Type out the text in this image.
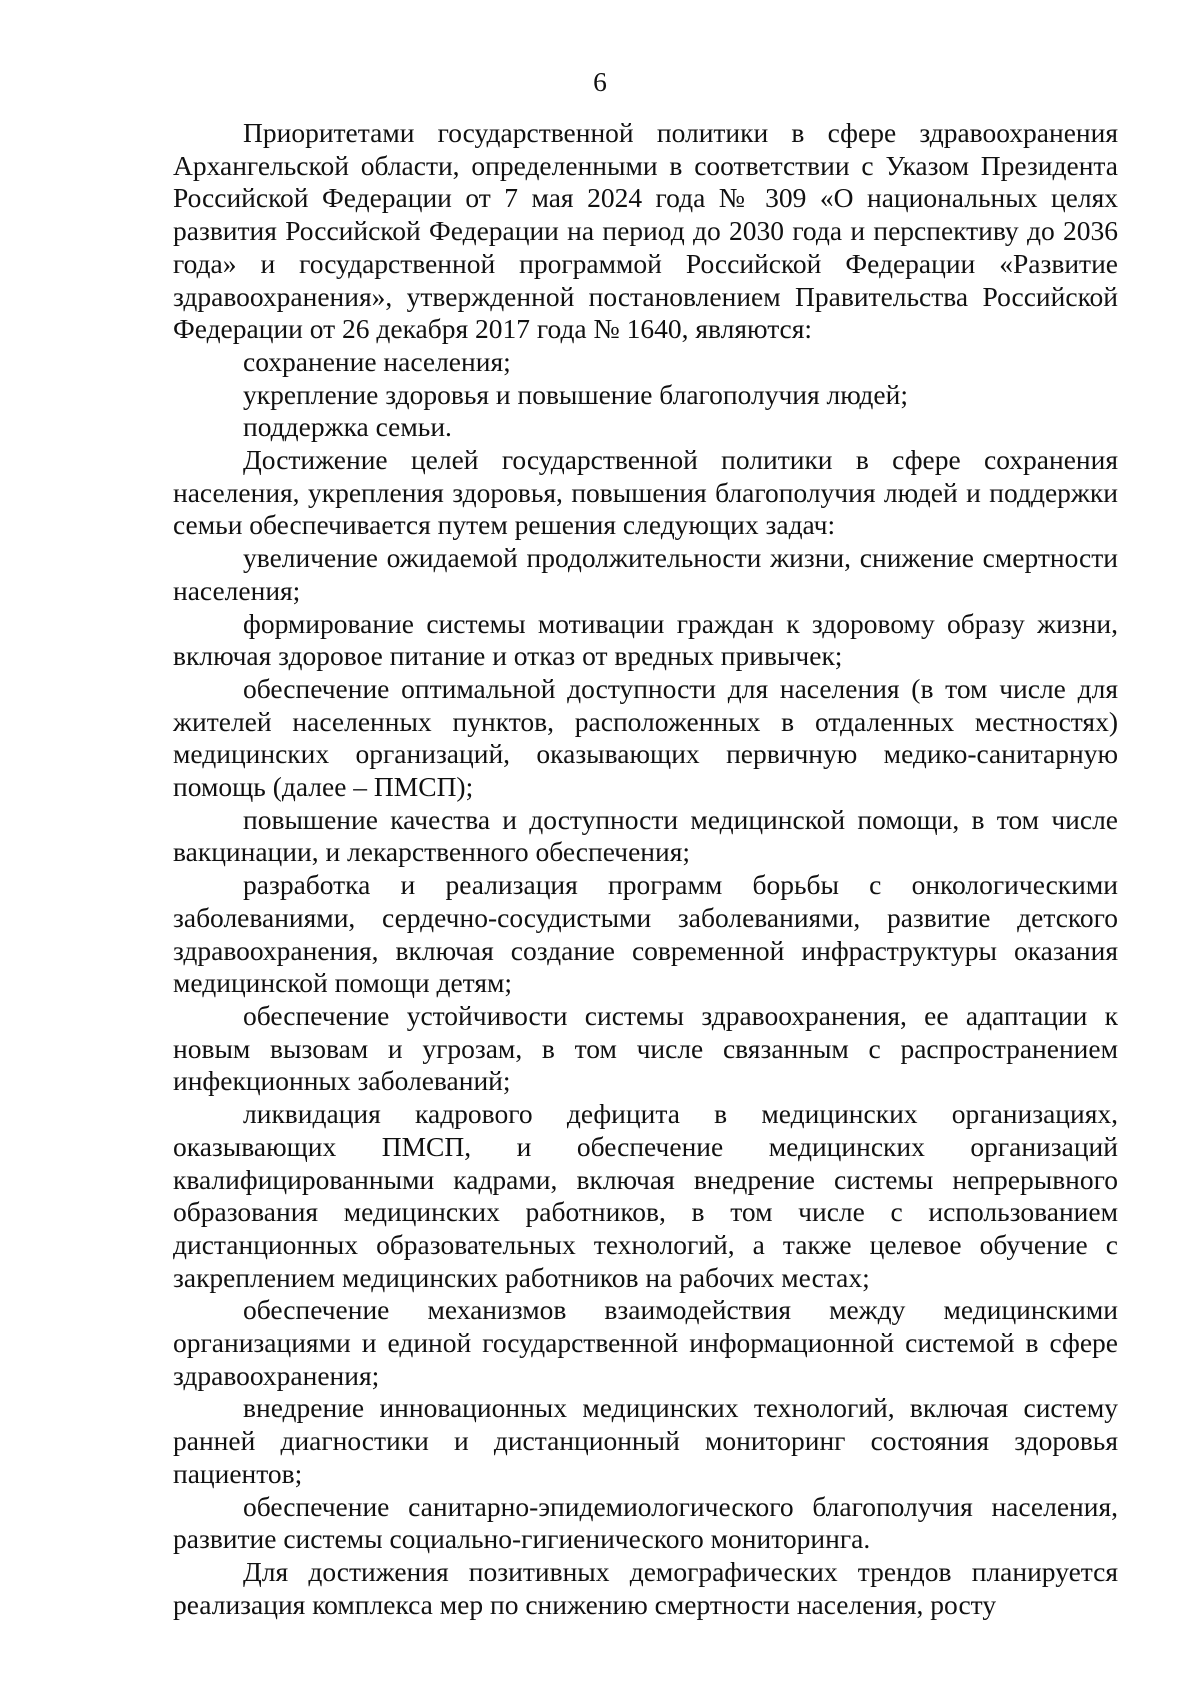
6

Приоритетами государственной политики в сфере здравоохранения Архангельской области, определенными в соответствии с Указом Президента Российской Федерации от 7 мая 2024 года № 309 «О национальных целях развития Российской Федерации на период до 2030 года и перспективу до 2036 года» и государственной программой Российской Федерации «Развитие здравоохранения», утвержденной постановлением Правительства Российской Федерации от 26 декабря 2017 года № 1640, являются:

сохранение населения;

укрепление здоровья и повышение благополучия людей;

поддержка семьи.

Достижение целей государственной политики в сфере сохранения населения, укрепления здоровья, повышения благополучия людей и поддержки семьи обеспечивается путем решения следующих задач:

увеличение ожидаемой продолжительности жизни, снижение смертности населения;

формирование системы мотивации граждан к здоровому образу жизни, включая здоровое питание и отказ от вредных привычек;

обеспечение оптимальной доступности для населения (в том числе для жителей населенных пунктов, расположенных в отдаленных местностях) медицинских организаций, оказывающих первичную медико-санитарную помощь (далее – ПМСП);

повышение качества и доступности медицинской помощи, в том числе вакцинации, и лекарственного обеспечения;

разработка и реализация программ борьбы с онкологическими заболеваниями, сердечно-сосудистыми заболеваниями, развитие детского здравоохранения, включая создание современной инфраструктуры оказания медицинской помощи детям;

обеспечение устойчивости системы здравоохранения, ее адаптации к новым вызовам и угрозам, в том числе связанным с распространением инфекционных заболеваний;

ликвидация кадрового дефицита в медицинских организациях, оказывающих ПМСП, и обеспечение медицинских организаций квалифицированными кадрами, включая внедрение системы непрерывного образования медицинских работников, в том числе с использованием дистанционных образовательных технологий, а также целевое обучение с закреплением медицинских работников на рабочих местах;

обеспечение механизмов взаимодействия между медицинскими организациями и единой государственной информационной системой в сфере здравоохранения;

внедрение инновационных медицинских технологий, включая систему ранней диагностики и дистанционный мониторинг состояния здоровья пациентов;

обеспечение санитарно-эпидемиологического благополучия населения, развитие системы социально-гигиенического мониторинга.

Для достижения позитивных демографических трендов планируется реализация комплекса мер по снижению смертности населения, росту
